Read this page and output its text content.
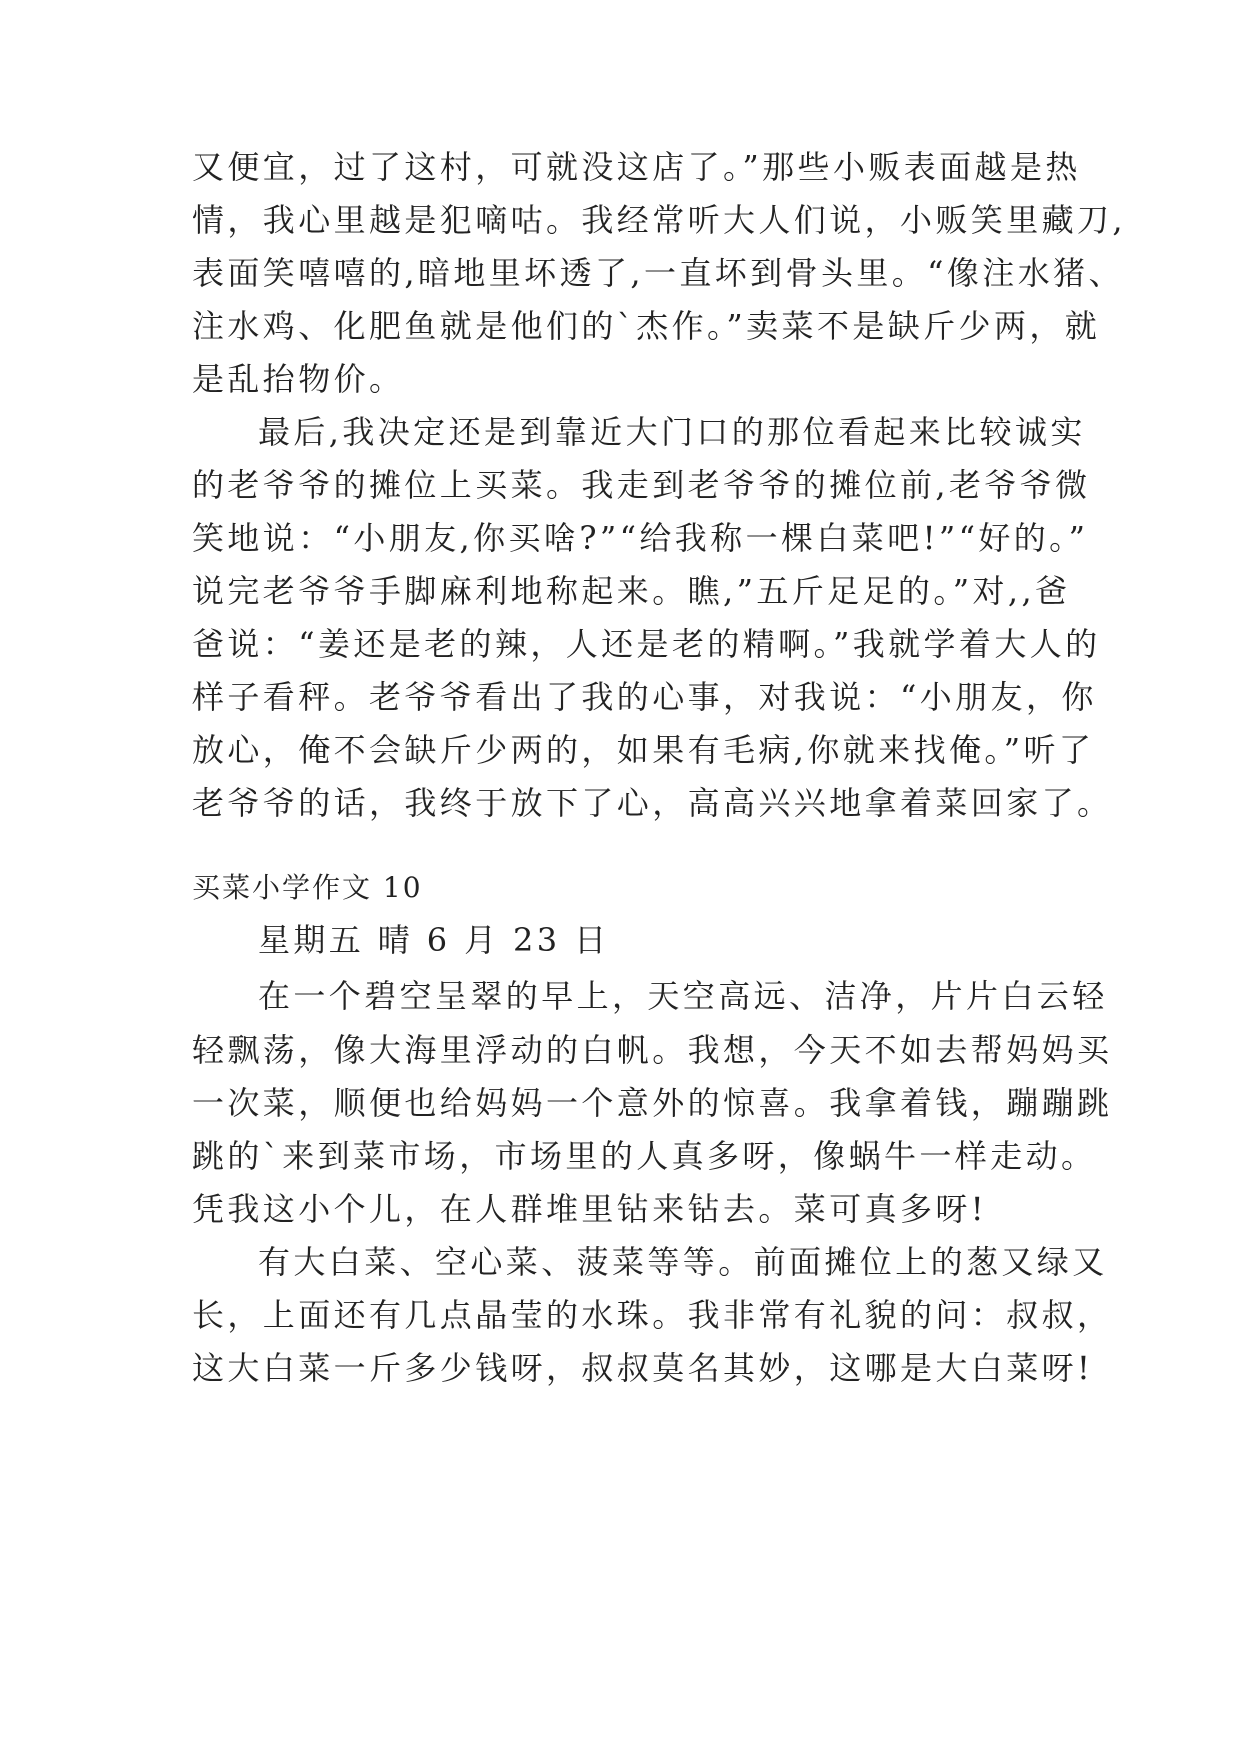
又便宜，过了这村，可就没这店了。”那些小贩表面越是热

情，我心里越是犯嘀咕。我经常听大人们说，小贩笑里藏刀,

表面笑嘻嘻的,暗地里坏透了,一直坏到骨头里。“像注水猪、

注水鸡、化肥鱼就是他们的`杰作。”卖菜不是缺斤少两，就

是乱抬物价。

最后,我决定还是到靠近大门口的那位看起来比较诚实

的老爷爷的摊位上买菜。我走到老爷爷的摊位前,老爷爷微

笑地说：“小朋友,你买啥?”“给我称一棵白菜吧!”“好的。”

说完老爷爷手脚麻利地称起来。瞧,”五斤足足的。”对,,爸

爸说：“姜还是老的辣，人还是老的精啊。”我就学着大人的

样子看秤。老爷爷看出了我的心事，对我说：“小朋友，你

放心，俺不会缺斤少两的，如果有毛病,你就来找俺。”听了

老爷爷的话，我终于放下了心，高高兴兴地拿着菜回家了。

买菜小学作文 10

星期五 晴 6 月 23 日

在一个碧空呈翠的早上，天空高远、洁净，片片白云轻

轻飘荡，像大海里浮动的白帆。我想，今天不如去帮妈妈买

一次菜，顺便也给妈妈一个意外的惊喜。我拿着钱，蹦蹦跳

跳的`来到菜市场，市场里的人真多呀，像蜗牛一样走动。

凭我这小个儿，在人群堆里钻来钻去。菜可真多呀!

有大白菜、空心菜、菠菜等等。前面摊位上的葱又绿又

长，上面还有几点晶莹的水珠。我非常有礼貌的问：叔叔，

这大白菜一斤多少钱呀，叔叔莫名其妙，这哪是大白菜呀!
